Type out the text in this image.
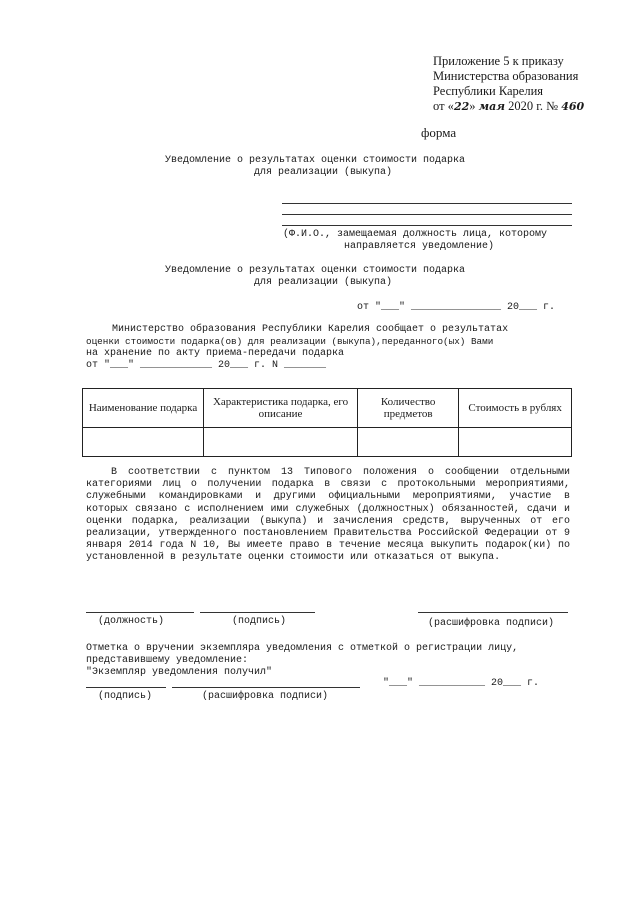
Приложение 5 к приказу
Министерства образования
Республики Карелия
от «22» мая 2020 г. № 460
форма
Уведомление о результатах оценки стоимости подарка
для реализации (выкупа)
(Ф.И.О., замещаемая должность лица, которому
направляется уведомление)
Уведомление о результатах оценки стоимости подарка
для реализации (выкупа)
от "___" _______________ 20___ г.
Министерство образования Республики Карелия сообщает о результатах
оценки стоимости подарка(ов) для реализации (выкупа),переданного(ых) Вами
на хранение по акту приема-передачи подарка
от "___" ____________ 20___ г. N _______
Наименование подарка	Характеристика подарка, его описание	Количество предметов	Стоимость в рублях

В соответствии с пунктом 13 Типового положения о сообщении отдельными категориями лиц о получении подарка в связи с протокольными мероприятиями, служебными командировками и другими официальными мероприятиями, участие в которых связано с исполнением ими служебных (должностных) обязанностей, сдачи и оценки подарка, реализации (выкупа) и зачисления средств, вырученных от его реализации, утвержденного постановлением Правительства Российской Федерации от 9 января 2014 года N 10, Вы имеете право в течение месяца выкупить подарок(ки) по установленной в результате оценки стоимости или отказаться от выкупа.

(должность)	(подпись)	(расшифровка подписи)
Отметка о вручении экземпляра уведомления с отметкой о регистрации лицу,
представившему уведомление:
"Экземпляр уведомления получил"
"___" ___________ 20___ г.
(подпись)	(расшифровка подписи)
